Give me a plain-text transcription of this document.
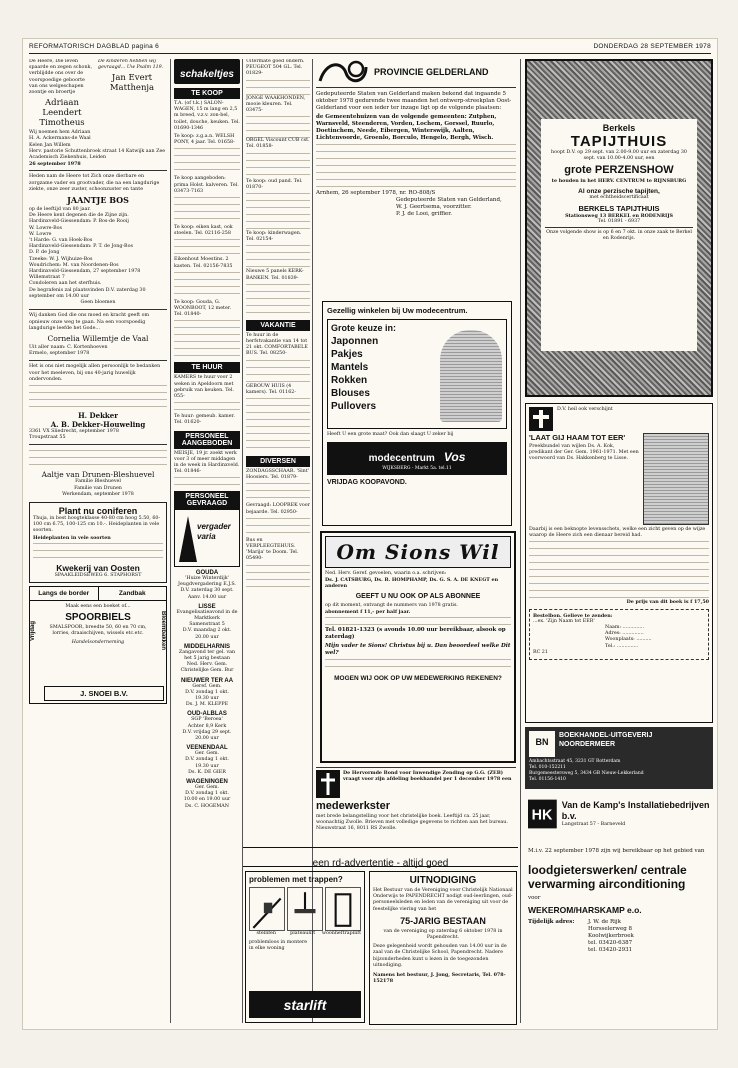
REFORMATORISCH DAGBLAD pagina 6	DONDERDAG 28 SEPTEMBER 1978
De Heere, Die leven spaarde en zegen schonk, verblijdde ons over de voorspoedige geboorte van ons welgeschapen zoontje en broertje
Adriaan Leendert Timotheus
De kinderen hebben wij gevraagd... Uw Psalm 119.
Jan Evert Matthenja
Wij noemen hem Adriaan
H. A. Ackermans-de Waal
Kelen Jan Willem
Herv. pastorie Schuttenbroek straat 14 Katwijk aan Zee
Academisch Ziekenhuis, Leiden
26 september 1978
Heden nam de Heere tot Zich onze dierbare en zorgzame vader en grootvader, die na een langdurige ziekte, onze zeer zuster, schoonzuster en tante
JAANTJE BOS
op de leeftijd van 80 jaar.
De Heere kent degenen die de Zijne zijn.
Hardinxveld-Giessendam: P. Bos-de Rooij
W. Lowre-Bos
W. Lowre
't Harde: G. van Hoek-Bos
Hardinxveld-Giessendam: P. T. de Jong-Bos
D. P. de Jong
Tzeeke: W. J. Wijhuize-Bos
Woudrichem: M. van Noordenen-Bos
Hardinxveld-Giessendam, 27 september 1978
Willemstraat 7
Condoleren aan het sterfhuis.
De begrafenis zal plaatsvinden D.V. zaterdag 30 september om 14.00 uur
Geen bloemen
Wij danken God die ons moed en kracht geeft om opnieuw onze weg te gaan. Na een voorspoedig langdurige leefde het Gode...
Cornelia Willemtje de Vaal
Uit aller naam: C. Kortenhoeven
Ermelo, september 1978
Het is ons niet mogelijk allen persoonlijk te bedanken voor het meeleven, bij ons 40-jarig huwelijk ondervonden.
H. Dekker
A. B. Dekker-Houweling
3361 VX Sliedrecht, september 1978
Troupstraat 55
Aaltje van Drunen-Bleshuevel
Familie Bleshuevel
Familie van Drunen
Werkendam, september 1978
Plant nu coniferen
Thuja, in best hoogteklasse 40-80 cm hoog 5.50, 60-100 cm 6.75, 100-125 cm 10.-. Heideplanten in vele soorten.
Heideplanten in vele soorten
Kwekerij van Oosten
SPAAKLEIDSEWEG 6. STAPHORST
Langs de border	Zandbak
Vrijdag	Bloembakken
Maak eens een boeket of...
SPOORBIELS
SMALSPOOR, breedte 50, 60 en 70 cm, lorries, draaischijven, wissels etc.etc.
Handelsonderneming
J. SNOEI B.V.
schakeltjes
TE KOOP
T.A. (of t.k.) SALON-WAGEN, 15 m lang en 2,5 m breed, v.z.v. zon-bel, toilet, douche, keuken. Tel. 01690-1346
Te koop: z.g.a.n. WELSH PONY, 4 jaar. Tel. 01658-
Te koop aangeboden: prima Holst. kalveren. Tel. 03473-7163
Te koop: eiken kast, ook stoelen. Tel. 02116-258
Eikenhout Moestins. 2 kasten. Tel. 02156-7835
Te koop: Gouda, G. WOONBOOT, 12 meter. Tel. 01840-
TE HUUR
KAMERS te huur voor 2 weken in Apeldoorn met gebruik van keuken. Tel. 055-
Te huur: gemeub. kamer. Tel. 01620-
PERSONEEL AANGEBODEN
MEISJE, 19 jr. zoekt werk voor 3 of meer middagen in de week in Hardinxveld. Tel. 01846-
PERSONEEL GEVRAAGD
Uitermate goed onderh. PEUGEOT 504 GL. Tel. 01829-
JONGE WAAKHONDEN, mooie kleuren. Tel. 03475-
ORGEL Viscount CUB cst. Tel. 01858-
Te koop: oud pand. Tel. 01870-
Te koop: kinderwagen. Tel. 02154-
Nieuwe 5 panels KERK-BANKEN. Tel. 01839-
VAKANTIE
Te huur in de herfstvakantie van 14 tot 21 okt. COMFORTABELE BUS. Tel. 08250-
GEBOUW HUIS (4 kamers). Tel. 01162-
DIVERSEN
ZONDAGSSCHAAR. 'Sint' Hoosiers. Tel. 01879-
Gevraagd: LOOPREK voor bejaarde. Tel. 02950-
Bus en VERPLEEGTEHUIS. 'Marija' te Doom. Tel. 05490-
vergader varia
GOUDA
'Huize Winterdijk'
Jeugdvergadering E.J.S.
D.V. zaterdag 30 sept.
Aanv. 14.00 uur
LISSE
Evangelisatieavond in de Marktkerk
Samenstraat 5
D.V. maandag 2 okt.
20.00 uur
MIDDELHARNIS
Zangavond ter gel. van
het 5 jarig bestaan
Ned. Herv. Gem.
Christelijke Gem. Bur
NIEUWER TER AA
Geref. Gem.
D.V. zondag 1 okt.
19.30 uur
Ds. J. M. KLEPPE
OUD-ALBLAS
SGP 'Beroea'
Achter 8,9 Kerk
D.V. vrijdag 29 sept.
20.00 uur
VEENENDAAL
Ger. Gem.
D.V. zondag 1 okt.
19.30 uur
Ds. K. DE GIER
WAGENINGEN
Ger. Gem.
D.V. zondag 1 okt.
10.00 en 19.00 uur
Ds. C. HOGEMAN
PROVINCIE GELDERLAND
Gedeputeerde Staten van Gelderland maken bekend dat ingaande 5 oktober 1978 gedurende twee maanden het ontwerp-streekplan Oost-Gelderland voor een ieder ter inzage ligt op de volgende plaatsen:
de Gemeentehuizen van de volgende gemeenten: Zutphen, Warnsveld, Steenderen, Vorden, Lochem, Gorssel, Ruurlo, Doetinchem, Neede, Eibergen, Winterswijk, Aalten, Lichtenvoorde, Groenlo, Borculo, Hengelo, Bergh, Wisch.
Arnhem, 26 september 1978, nr. RO-808/S
Gedeputeerde Staten van Gelderland,
W. J. Geertsema, voorzitter.
P. J. de Looi, griffier.
Gezellig winkelen bij Uw modecentrum.
Grote keuze in:
Japonnen
Pakjes
Mantels
Rokken
Blouses
Pullovers
Heeft U een grote maat? Ook dan slaagt U zeker bij
modecentrum Vos
WIJKSBERG - Markt 5a. tel.11
VRIJDAG KOOPAVOND.
Om Sions Wil
Ned. Herv. Geref. gevoelen, waarin o.a. schrijven:
Ds. J. CATSBURG, Ds. B. HOMPHAMP, Ds. G. S. A. DE KNEGT en anderen
GEEFT U NU OOK OP ALS ABONNEE
op dit moment, ontvangt de nummers van 1978 gratis.
abonnement f 11,- per half jaar.
Tel. 01821-1323 (s avonds 10.00 uur bereikbaar, alsook op zaterdag)
Mijn vader te Sions! Christus bij u. Dan beoordeel welke Dit wel?
MOGEN WIJ OOK OP UW MEDEWERKING REKENEN?
De Hervormde Bond voor Inwendige Zending op G.G. (ZEB) vraagt voor zijn afdeling boekhandel per 1 december 1978 een
medewerkster
met brede belangstelling voor het christelijke boek. Leeftijd ca. 25 jaar, woonachtig Zwolle. Brieven met volledige gegevens te richten aan het bureau. Nieuwstraat 16, 8011 RS Zwolle.
een rd-advertentie - altijd goed
problemen met trappen?
stellifen	plateaulift	woonheftrapllift
problemloos in montere in elke woning
starlift
UITNODIGING
Het Bestuur van de Vereniging voor Christelijk Nationaal Onderwijs te PAPENDRECHT nodigt oud-leerlingen, oud-personeelsleden en leden van de vereniging uit voor de feestelijke viering van het
75-JARIG BESTAAN
van de vereniging op zaterdag 6 oktober 1978 in Papendrecht.
Deze gelegenheid wordt gehouden van 14.00 uur in de zaal van de Christelijke School, Papendrecht. Nadere bijzonderheden kunt u lezen in de toegezonden uitnodiging.
Namens het bestuur, J. Jong, Secretaris, Tel. 078-152178
Berkels
TAPIJTHUIS
hoopt D.V. op 29 sept. van 2.00-9.00 uur en zaterdag 30 sept. van 10.00-4.00 uur, een
grote PERZENSHOW
te houden in het HERV. CENTRUM te RIJNSBURG
Al onze perzische tapijten,
met echtheidscertificaat
BERKELS TAPIJTHUIS
Stationsweg 13 BERKEL en RODENRIJS
Tel. 01891 - 6937
Onze volgende show is op 6 en 7 okt. in onze zaak te Berkel en Rodenrijs.
D.V. heil ook verschijnt
'LAAT GIJ HAAM TOT EER'
Preekbundel van wijlen Ds. A. Kok, predikant der Ger. Gem. 1961-1971. Met een voorwoord van Ds. Hakkenberg te Lisse.
Daarbij is een beknopte levensschets, welke een zicht geven op de wijze waarop de Heere zich een dienaar bereid had.
De prijs van dit boek is f 17,50
Bestelbon. Gelieve te zenden:
...ex. 'Zijn Naam tot EER'
Naam: ..............
Adres: ..............
Woonplaats: ..........
Tel.: ..............
RC 21
BN
BOEKHANDEL-UITGEVERIJ NOORDERMEER
Ambachtsstraat 45, 3231 GT Rotterdam
Tel. 010-152211
Burgemeestersweg 5, 3434 GB Nieuw-Lekkerland
Tel. 01156-1410
HK
Van de Kamp's Installatiebedrijven b.v.
Langstraat 57 - Barneveld
M.i.v. 22 september 1978 zijn wij bereikbaar op het gebied van
loodgieterswerken/ centrale verwarming airconditioning
voor
WEKEROM/HARSKAMP e.o.
Tijdelijk adres:	J. W. de Rijk
Horsselerweg 8
Koolwijkerbroek
tel. 03420-6387
tel. 03420-2931
